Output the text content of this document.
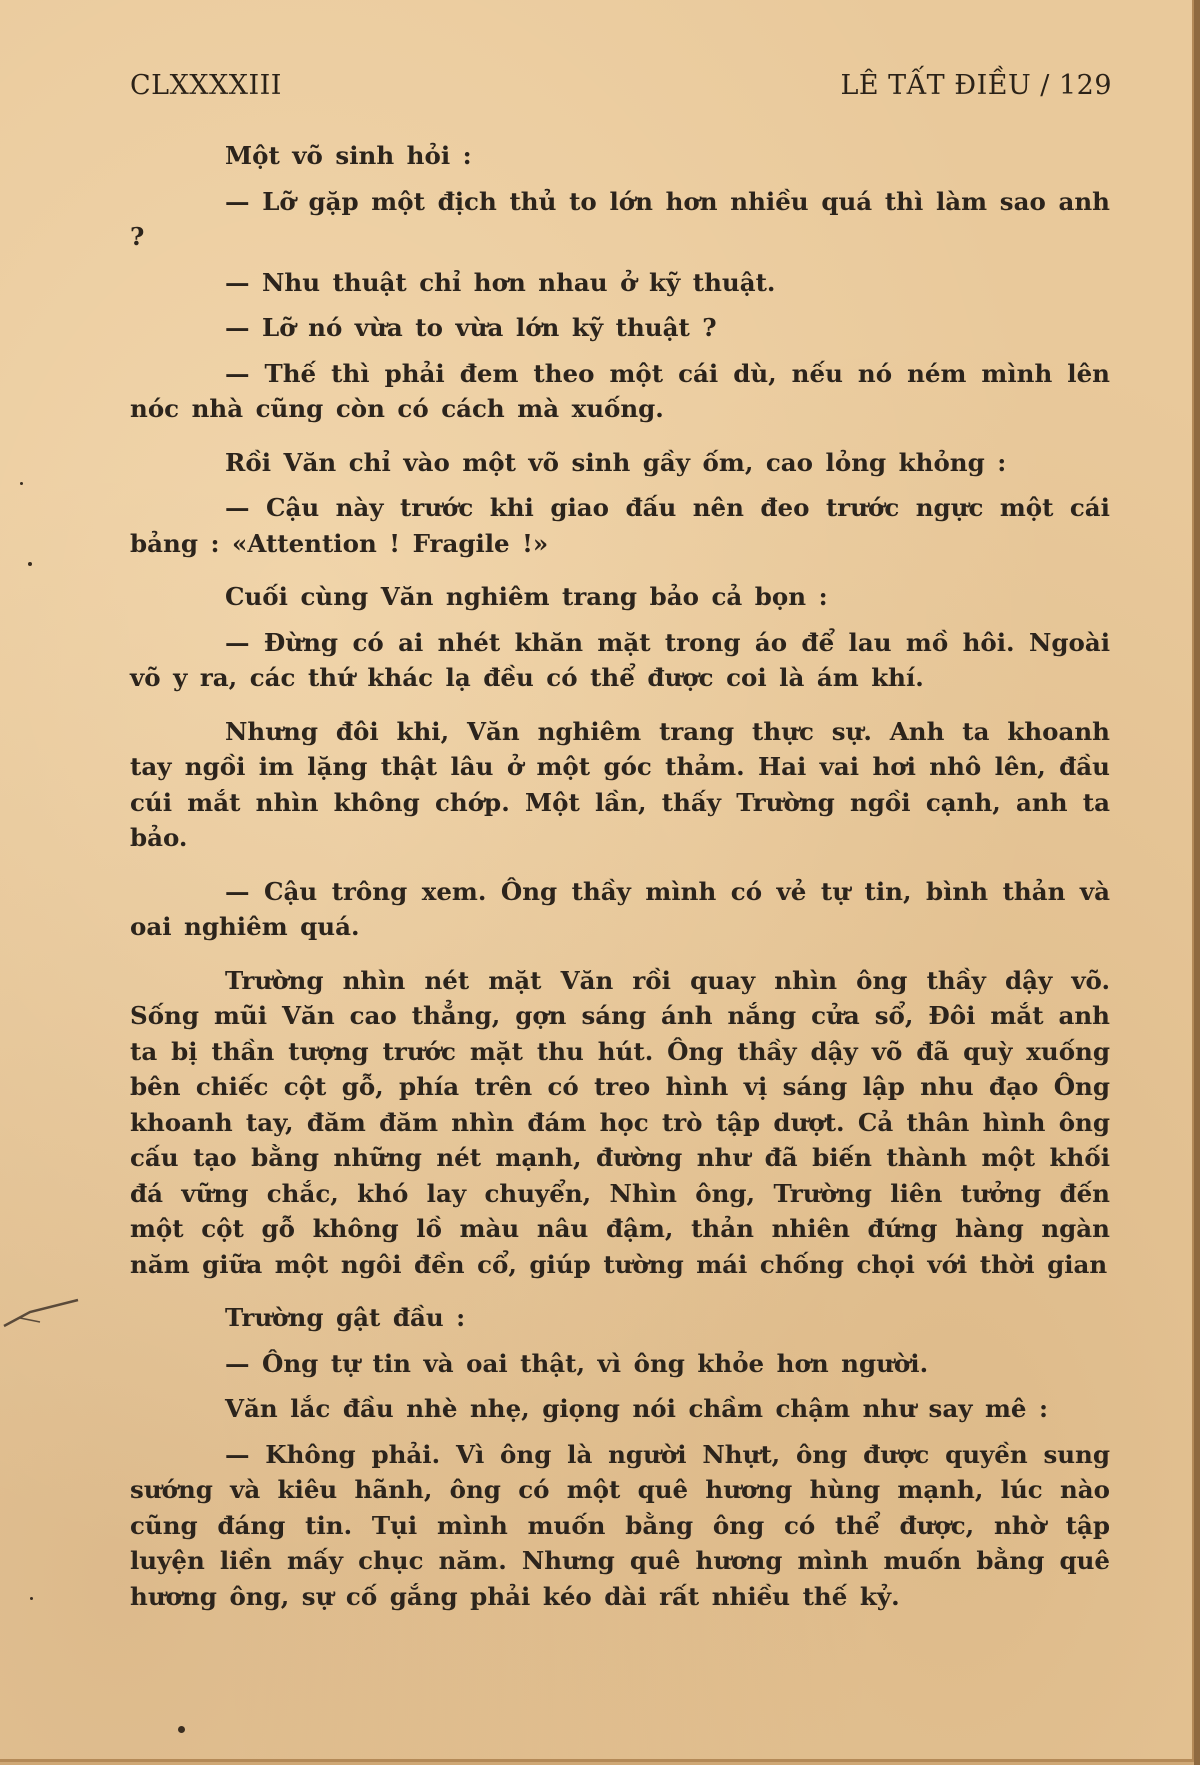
CLXXXXIII	LÊ TẤT ĐIỀU / 129

Một võ sinh hỏi :

— Lỡ gặp một địch thủ to lớn hơn nhiều quá thì làm sao anh ?

— Nhu thuật chỉ hơn nhau ở kỹ thuật.

— Lỡ nó vừa to vừa lớn kỹ thuật ?

— Thế thì phải đem theo một cái dù, nếu nó ném mình lên nóc nhà cũng còn có cách mà xuống.

Rồi Văn chỉ vào một võ sinh gầy ốm, cao lỏng khỏng :

— Cậu này trước khi giao đấu nên đeo trước ngực một cái bảng : «Attention ! Fragile !»

Cuối cùng Văn nghiêm trang bảo cả bọn :

— Đừng có ai nhét khăn mặt trong áo để lau mồ hôi. Ngoài võ y ra, các thứ khác lạ đều có thể được coi là ám khí.

Nhưng đôi khi, Văn nghiêm trang thực sự. Anh ta khoanh tay ngồi im lặng thật lâu ở một góc thảm. Hai vai hơi nhô lên, đầu cúi mắt nhìn không chớp. Một lần, thấy Trường ngồi cạnh, anh ta bảo.

— Cậu trông xem. Ông thầy mình có vẻ tự tin, bình thản và oai nghiêm quá.

Trường nhìn nét mặt Văn rồi quay nhìn ông thầy dậy võ. Sống mũi Văn cao thẳng, gợn sáng ánh nắng cửa sổ, Đôi mắt anh ta bị thần tượng trước mặt thu hút. Ông thầy dậy võ đã quỳ xuống bên chiếc cột gỗ, phía trên có treo hình vị sáng lập nhu đạo Ông khoanh tay, đăm đăm nhìn đám học trò tập dượt. Cả thân hình ông cấu tạo bằng những nét mạnh, đường như đã biến thành một khối đá vững chắc, khó lay chuyển, Nhìn ông, Trường liên tưởng đến một cột gỗ không lồ màu nâu đậm, thản nhiên đứng hàng ngàn năm giữa một ngôi đền cổ, giúp tường mái chống chọi với thời gian

Trường gật đầu :

— Ông tự tin và oai thật, vì ông khỏe hơn người.

Văn lắc đầu nhè nhẹ, giọng nói chầm chậm như say mê :

— Không phải. Vì ông là người Nhựt, ông được quyền sung sướng và kiêu hãnh, ông có một quê hương hùng mạnh, lúc nào cũng đáng tin. Tụi mình muốn bằng ông có thể được, nhờ tập luyện liền mấy chục năm. Nhưng quê hương mình muốn bằng quê hương ông, sự cố gắng phải kéo dài rất nhiều thế kỷ.
